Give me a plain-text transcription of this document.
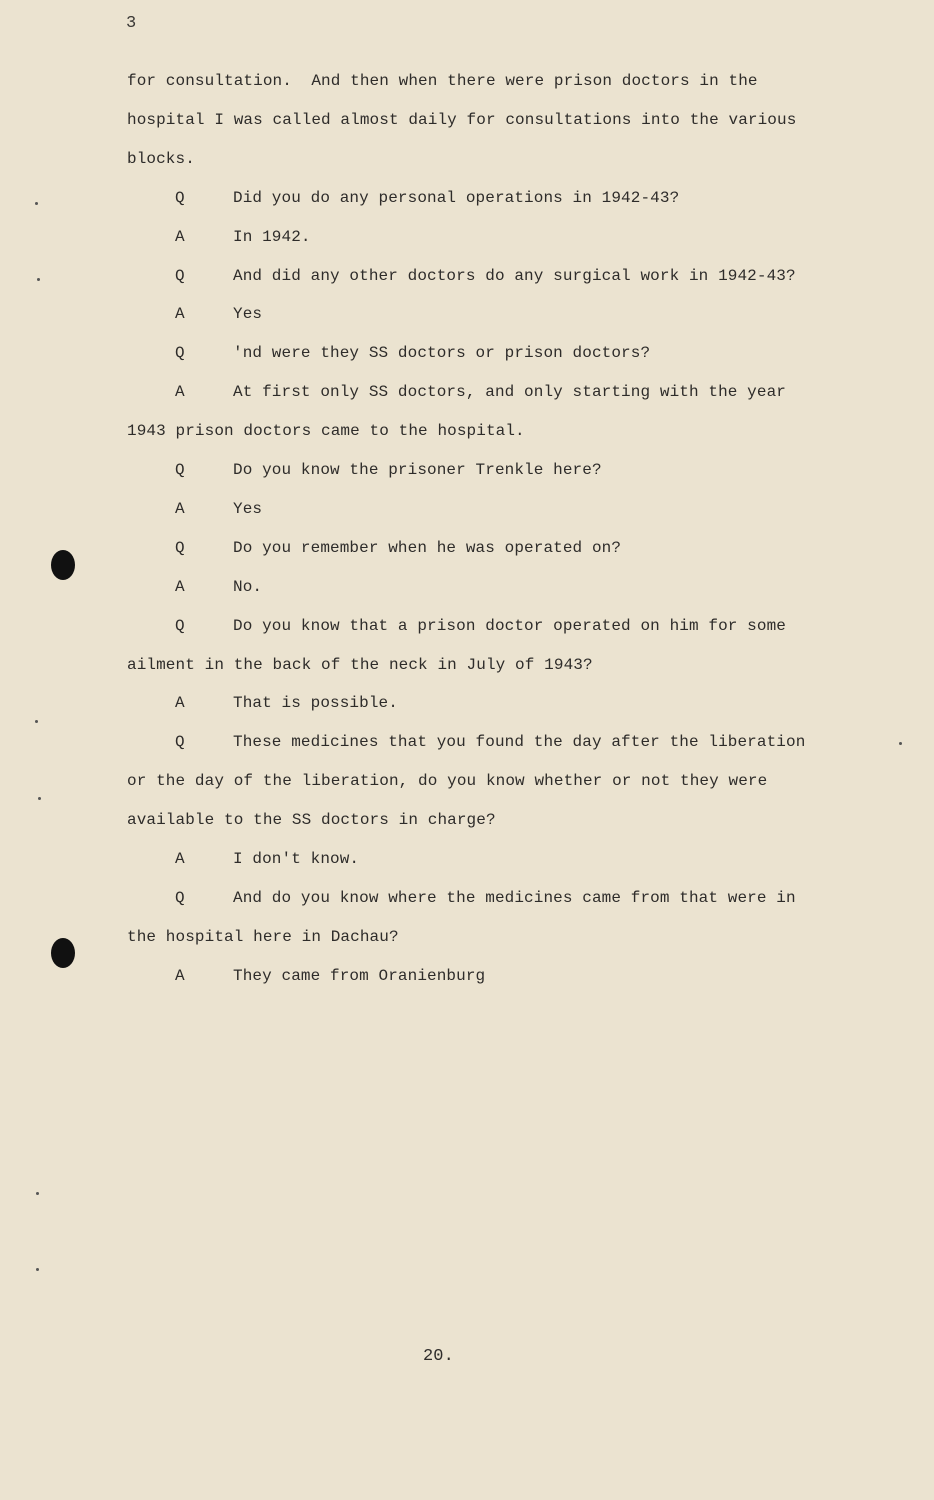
3
for consultation.  And then when there were prison doctors in the
hospital I was called almost daily for consultations into the various
blocks.
Q	Did you do any personal operations in 1942-43?
A	In 1942.
Q	And did any other doctors do any surgical work in 1942-43?
A	Yes
Q	'nd were they SS doctors or prison doctors?
A	At first only SS doctors, and only starting with the year
1943 prison doctors came to the hospital.
Q	Do you know the prisoner Trenkle here?
A	Yes
Q	Do you remember when he was operated on?
A	No.
Q	Do you know that a prison doctor operated on him for some
ailment in the back of the neck in July of 1943?
A	That is possible.
Q	These medicines that you found the day after the liberation
or the day of the liberation, do you know whether or not they were
available to the SS doctors in charge?
A	I don't know.
Q	And do you know where the medicines came from that were in
the hospital here in Dachau?
A	They came from Oranienburg
20.
